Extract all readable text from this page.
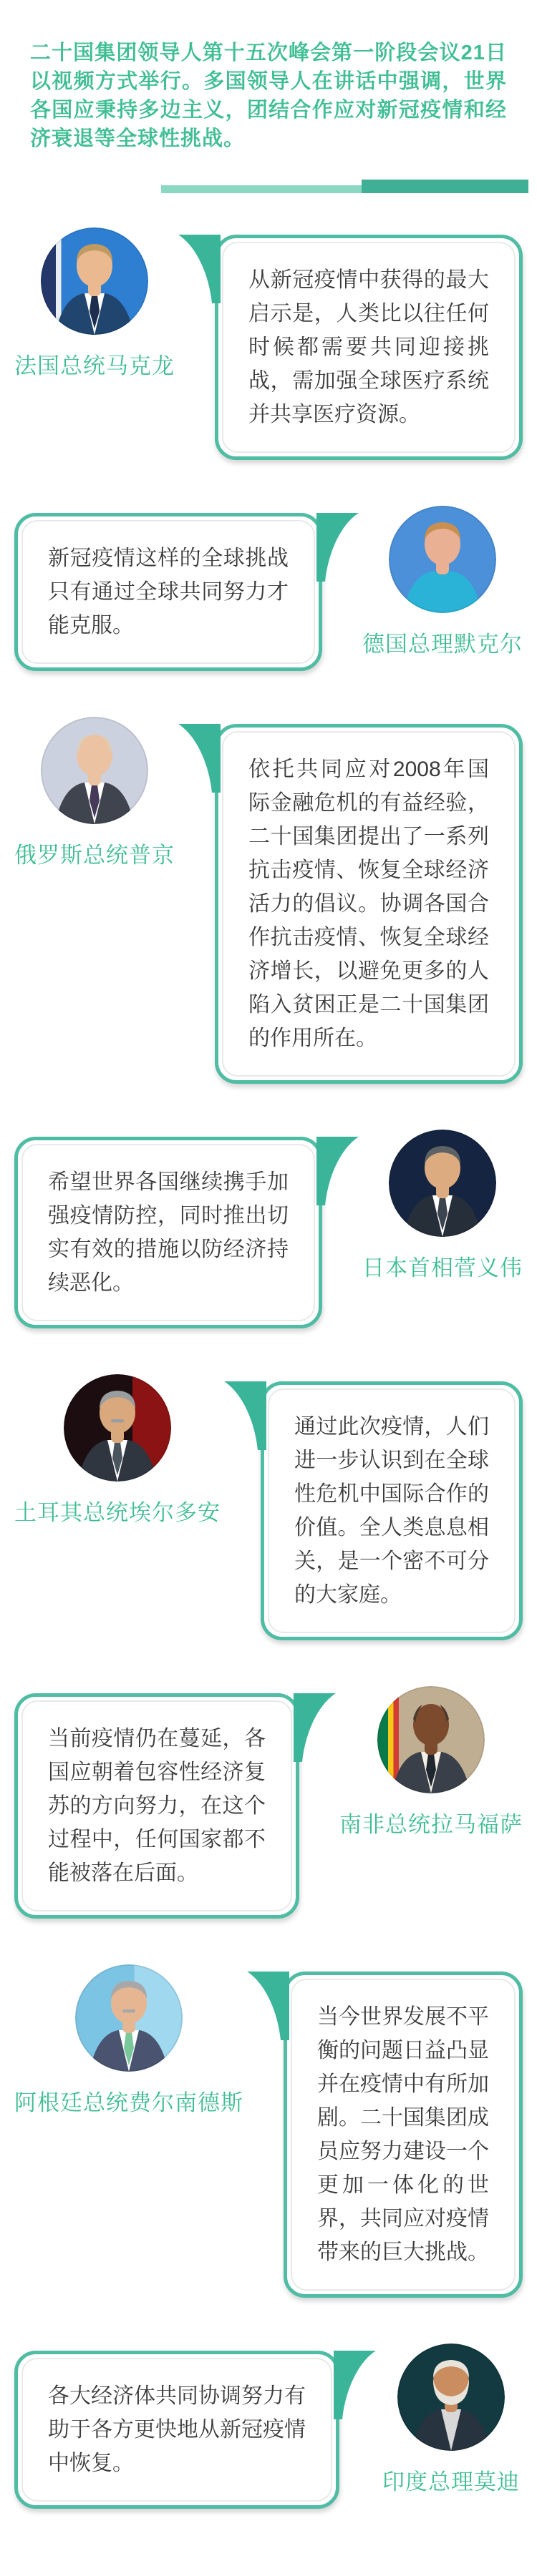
二十国集团领导人第十五次峰会第一阶段会议21日以视频方式举行。多国领导人在讲话中强调，世界各国应秉持多边主义，团结合作应对新冠疫情和经济衰退等全球性挑战。

法国总统马克龙

从新冠疫情中获得的最大启示是，人类比以往任何时候都需要共同迎接挑战，需加强全球医疗系统并共享医疗资源。

新冠疫情这样的全球挑战只有通过全球共同努力才能克服。

德国总理默克尔
俄罗斯总统普京

依托共同应对2008年国际金融危机的有益经验，二十国集团提出了一系列抗击疫情、恢复全球经济活力的倡议。协调各国合作抗击疫情、恢复全球经济增长，以避免更多的人陷入贫困正是二十国集团的作用所在。

希望世界各国继续携手加强疫情防控，同时推出切实有效的措施以防经济持续恶化。

日本首相菅义伟
土耳其总统埃尔多安

通过此次疫情，人们进一步认识到在全球性危机中国际合作的价值。全人类息息相关，是一个密不可分的大家庭。

当前疫情仍在蔓延，各国应朝着包容性经济复苏的方向努力，在这个过程中，任何国家都不能被落在后面。

南非总统拉马福萨
阿根廷总统费尔南德斯

当今世界发展不平衡的问题日益凸显并在疫情中有所加剧。二十国集团成员应努力建设一个更加一体化的世界，共同应对疫情带来的巨大挑战。

各大经济体共同协调努力有助于各方更快地从新冠疫情中恢复。

印度总理莫迪
